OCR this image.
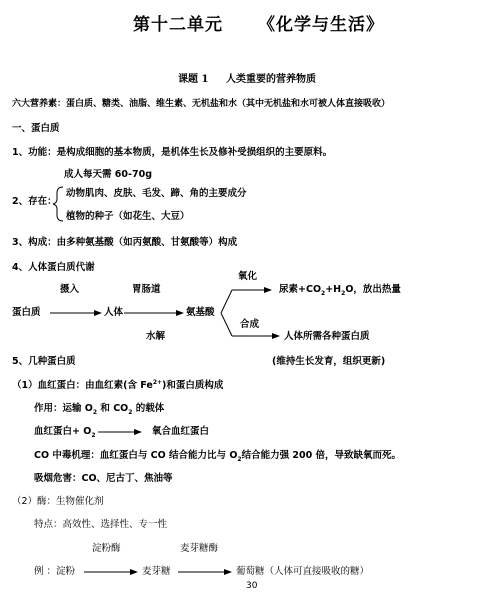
第十二单元 《化学与生活》
课题 1 人类重要的营养物质
六大营养素：蛋白质、糖类、油脂、维生素、无机盐和水（其中无机盐和水可被人体直接吸收）
一、蛋白质
1、功能：是构成细胞的基本物质，是机体生长及修补受损组织的主要原料。
成人每天需 60-70g
2、存在：
动物肌肉、皮肤、毛发、蹄、角的主要成分
植物的种子（如花生、大豆）
3、构成：由多种氨基酸（如丙氨酸、甘氨酸等）构成
4、人体蛋白质代谢
摄入	胃肠道
氧化
尿素$+CO_2+H_2O$，放出热量
蛋白质	人体	氨基酸
合成
水解	人体所需各种蛋白质
5、几种蛋白质	(维持生长发育，组织更新)
（1）血红蛋白：由血红素(含 $Fe^{2+}$)和蛋白质构成
作用：运输 $O_2$ 和 $CO_2$ 的载体
血红蛋白+ $O_2$	氧合血红蛋白
CO 中毒机理：血红蛋白与 CO 结合能力比与 $O_2$结合能力强 200 倍，导致缺氧而死。
吸烟危害：CO、尼古丁、焦油等
（2）酶：生物催化剂
特点：高效性、选择性、专一性
淀粉酶	麦芽糖酶
例 ：淀粉	麦芽糖	葡萄糖（人体可直接吸收的糖）
30
